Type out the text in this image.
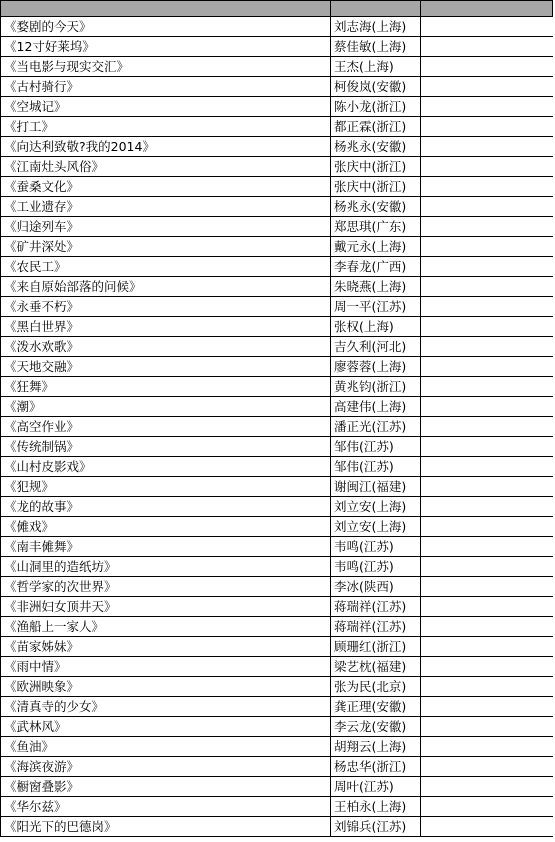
《婺剧的今天》	刘志海(上海)	
《12寸好莱坞》	蔡佳敏(上海)	
《当电影与现实交汇》	王杰(上海)	
《古村骑行》	柯俊岚(安徽)	
《空城记》	陈小龙(浙江)	
《打工》	都正霖(浙江)	
《向达利致敬?我的2014》	杨兆永(安徽)	
《江南灶头风俗》	张庆中(浙江)	
《蚕桑文化》	张庆中(浙江)	
《工业遗存》	杨兆永(安徽)	
《归途列车》	郑思琪(广东)	
《矿井深处》	戴元永(上海)	
《农民工》	李春龙(广西)	
《来自原始部落的问候》	朱晓燕(上海)	
《永垂不朽》	周一平(江苏)	
《黑白世界》	张权(上海)	
《泼水欢歌》	吉久利(河北)	
《天地交融》	廖蓉蓉(上海)	
《狂舞》	黄兆钧(浙江)	
《潮》	高建伟(上海)	
《高空作业》	潘正光(江苏)	
《传统制锅》	邹伟(江苏)	
《山村皮影戏》	邹伟(江苏)	
《犯规》	谢闽江(福建)	
《龙的故事》	刘立安(上海)	
《傩戏》	刘立安(上海)	
《南丰傩舞》	韦鸣(江苏)	
《山洞里的造纸坊》	韦鸣(江苏)	
《哲学家的次世界》	李冰(陕西)	
《非洲妇女顶井天》	蒋瑞祥(江苏)	
《渔船上一家人》	蒋瑞祥(江苏)	
《苗家姊妹》	顾珊红(浙江)	
《雨中情》	梁艺枕(福建)	
《欧洲映象》	张为民(北京)	
《清真寺的少女》	龚正理(安徽)	
《武林风》	李云龙(安徽)	
《鱼油》	胡翔云(上海)	
《海滨夜游》	杨忠华(浙江)	
《橱窗叠影》	周叶(江苏)	
《华尔兹》	王柏永(上海)	
《阳光下的巴德岗》	刘锦兵(江苏)	
